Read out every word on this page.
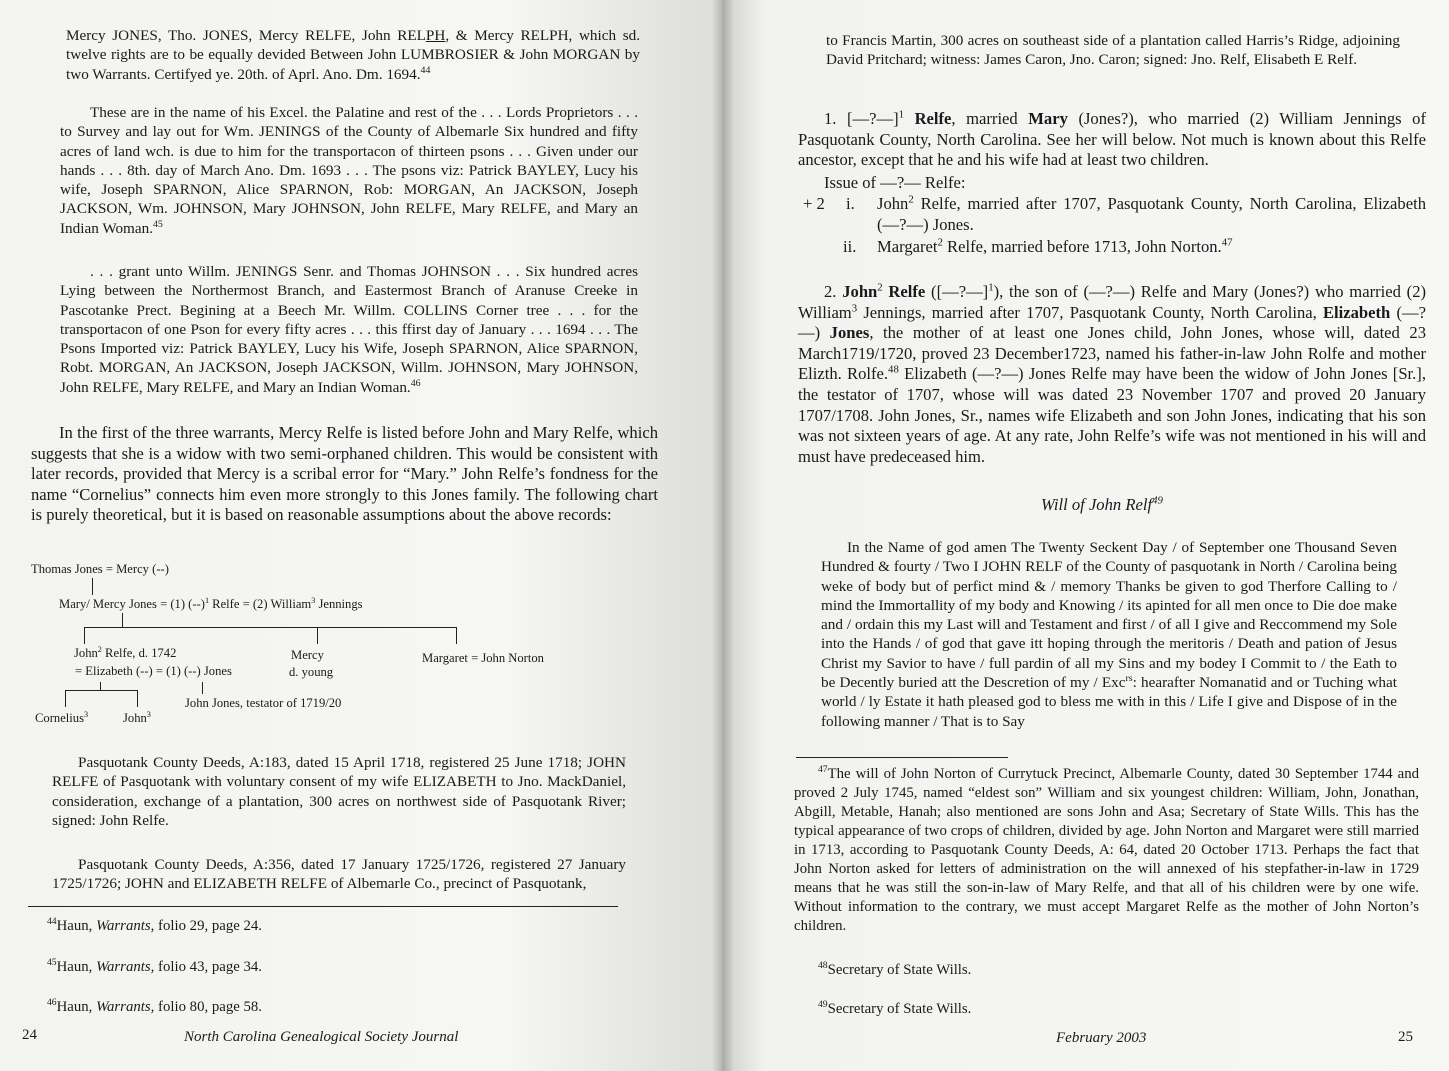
Mercy JONES, Tho. JONES, Mercy RELFE, John RELPH, & Mercy RELPH, which sd. twelve rights are to be equally devided Between John LUMBROSIER & John MORGAN by two Warrants. Certifyed ye. 20th. of Aprl. Ano. Dm. 1694.44

These are in the name of his Excel. the Palatine and rest of the . . . Lords Proprietors . . . to Survey and lay out for Wm. JENINGS of the County of Albemarle Six hundred and fifty acres of land wch. is due to him for the transportacon of thirteen psons . . . Given under our hands . . . 8th. day of March Ano. Dm. 1693 . . . The psons viz: Patrick BAYLEY, Lucy his wife, Joseph SPARNON, Alice SPARNON, Rob: MORGAN, An JACKSON, Joseph JACKSON, Wm. JOHNSON, Mary JOHNSON, John RELFE, Mary RELFE, and Mary an Indian Woman.$^{45}$

. . . grant unto Willm. JENINGS Senr. and Thomas JOHNSON . . . Six hundred acres Lying between the Northermost Branch, and Eastermost Branch of Aranuse Creeke in Pascotanke Prect. Begining at a Beech Mr. Willm. COLLINS Corner tree . . . for the transportacon of one Pson for every fifty acres . . . this ffirst day of January . . . 1694 . . . The Psons Imported viz: Patrick BAYLEY, Lucy his Wife, Joseph SPARNON, Alice SPARNON, Robt. MORGAN, An JACKSON, Joseph JACKSON, Willm. JOHNSON, Mary JOHNSON, John RELFE, Mary RELFE, and Mary an Indian Woman.$^{46}$

In the first of the three warrants, Mercy Relfe is listed before John and Mary Relfe, which suggests that she is a widow with two semi-orphaned children. This would be consistent with later records, provided that Mercy is a scribal error for “Mary.” John Relfe’s fondness for the name “Cornelius” connects him even more strongly to this Jones family. The following chart is purely theoretical, but it is based on reasonable assumptions about the above records:

Thomas Jones = Mercy (--)
Mary/ Mercy Jones = (1) $(--)^1$ Relfe = (2) William$^3$ Jennings
John$^2$ Relfe, d. 1742
= Elizabeth (--) = (1) (--) Jones
Mercy
d. young
Margaret = John Norton
John Jones, testator of 1719/20
Cornelius$^3$	John$^3$

Pasquotank County Deeds, A:183, dated 15 April 1718, registered 25 June 1718; JOHN RELFE of Pasquotank with voluntary consent of my wife ELIZABETH to Jno. MackDaniel, consideration, exchange of a plantation, 300 acres on northwest side of Pasquotank River; signed: John Relfe.

Pasquotank County Deeds, A:356, dated 17 January 1725/1726, registered 27 January 1725/1726; JOHN and ELIZABETH RELFE of Albemarle Co., precinct of Pasquotank,

$^{44}$Haun, Warrants, folio 29, page 24.

$^{45}$Haun, Warrants, folio 43, page 34.

$^{46}$Haun, Warrants, folio 80, page 58.

24	North Carolina Genealogical Society Journal

to Francis Martin, 300 acres on southeast side of a plantation called Harris’s Ridge, adjoining David Pritchard; witness: James Caron, Jno. Caron; signed: Jno. Relf, Elisabeth E Relf.

1. [—?—]$^1$ Relfe, married Mary (Jones?), who married (2) William Jennings of Pasquotank County, North Carolina. See her will below. Not much is known about this Relfe ancestor, except that he and his wife had at least two children.

Issue of —?— Relfe:

+ 2 i. John$^2$ Relfe, married after 1707, Pasquotank County, North Carolina, Elizabeth (—?—) Jones.

ii. Margaret$^2$ Relfe, married before 1713, John Norton.$^{47}$

2. John$^2$ Relfe ([—?—]$^1$), the son of (—?—) Relfe and Mary (Jones?) who married (2) William$^3$ Jennings, married after 1707, Pasquotank County, North Carolina, Elizabeth (—?—) Jones, the mother of at least one Jones child, John Jones, whose will, dated 23 March1719/1720, proved 23 December1723, named his father-in-law John Rolfe and mother Elizth. Rolfe.$^{48}$ Elizabeth (—?—) Jones Relfe may have been the widow of John Jones [Sr.], the testator of 1707, whose will was dated 23 November 1707 and proved 20 January 1707/1708. John Jones, Sr., names wife Elizabeth and son John Jones, indicating that his son was not sixteen years of age. At any rate, John Relfe’s wife was not mentioned in his will and must have predeceased him.

Will of John Relf$^{49}$

In the Name of god amen The Twenty Seckent Day / of September one Thousand Seven Hundred & fourty / Two I JOHN RELF of the County of pasquotank in North / Carolina being weke of body but of perfict mind & / memory Thanks be given to god Therfore Calling to / mind the Immortallity of my body and Knowing / its apinted for all men once to Die doe make and / ordain this my Last will and Testament and first / of all I give and Reccommend my Sole into the Hands / of god that gave itt hoping through the meritoris / Death and pation of Jesus Christ my Savior to have / full pardin of all my Sins and my bodey I Commit to / the Eath to be Decently buried att the Descretion of my / Exc$^{rs}$: hearafter Nomanatid and or Tuching what world / ly Estate it hath pleased god to bless me with in this / Life I give and Dispose of in the following manner / That is to Say

$^{47}$The will of John Norton of Currytuck Precinct, Albemarle County, dated 30 September 1744 and proved 2 July 1745, named “eldest son” William and six youngest children: William, John, Jonathan, Abgill, Metable, Hanah; also mentioned are sons John and Asa; Secretary of State Wills. This has the typical appearance of two crops of children, divided by age. John Norton and Margaret were still married in 1713, according to Pasquotank County Deeds, A: 64, dated 20 October 1713. Perhaps the fact that John Norton asked for letters of administration on the will annexed of his stepfather-in-law in 1729 means that he was still the son-in-law of Mary Relfe, and that all of his children were by one wife. Without information to the contrary, we must accept Margaret Relfe as the mother of John Norton’s children.

$^{48}$Secretary of State Wills.

$^{49}$Secretary of State Wills.

February 2003	25
